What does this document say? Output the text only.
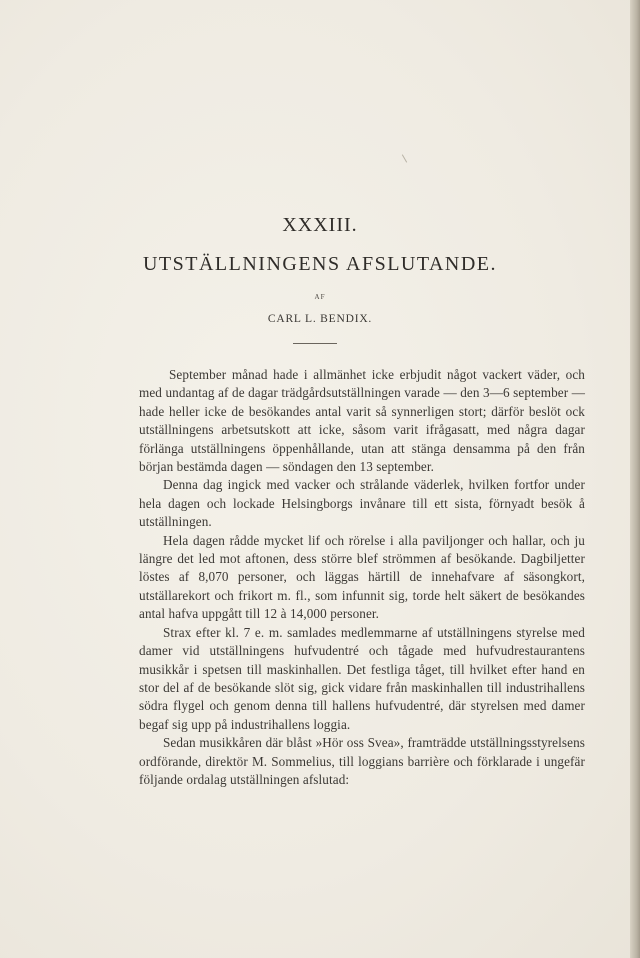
XXXIII.
UTSTÄLLNINGENS AFSLUTANDE.
AF
CARL L. BENDIX.

September månad hade i allmänhet icke erbjudit något vackert väder, och med undantag af de dagar trädgårdsutställningen varade — den 3—6 september — hade heller icke de besökandes antal varit så synnerligen stort; därför beslöt ock utställningens arbetsutskott att icke, såsom varit ifrågasatt, med några dagar förlänga utställningens öppenhållande, utan att stänga densamma på den från början bestämda dagen — söndagen den 13 september.

Denna dag ingick med vacker och strålande väderlek, hvilken fortfor under hela dagen och lockade Helsingborgs invånare till ett sista, förnyadt besök å utställningen.

Hela dagen rådde mycket lif och rörelse i alla paviljonger och hallar, och ju längre det led mot aftonen, dess större blef strömmen af besökande. Dagbiljetter löstes af 8,070 personer, och läggas härtill de innehafvare af säsongkort, utställarekort och frikort m. fl., som infunnit sig, torde helt säkert de besökandes antal hafva uppgått till 12 à 14,000 personer.

Strax efter kl. 7 e. m. samlades medlemmarne af utställningens styrelse med damer vid utställningens hufvudentré och tågade med hufvudrestaurantens musikkår i spetsen till maskinhallen. Det festliga tåget, till hvilket efter hand en stor del af de besökande slöt sig, gick vidare från maskinhallen till industrihallens södra flygel och genom denna till hallens hufvudentré, där styrelsen med damer begaf sig upp på industrihallens loggia.

Sedan musikkåren där blåst »Hör oss Svea», framträdde utställningsstyrelsens ordförande, direktör M. Sommelius, till loggians barrière och förklarade i ungefär följande ordalag utställningen afslutad:
